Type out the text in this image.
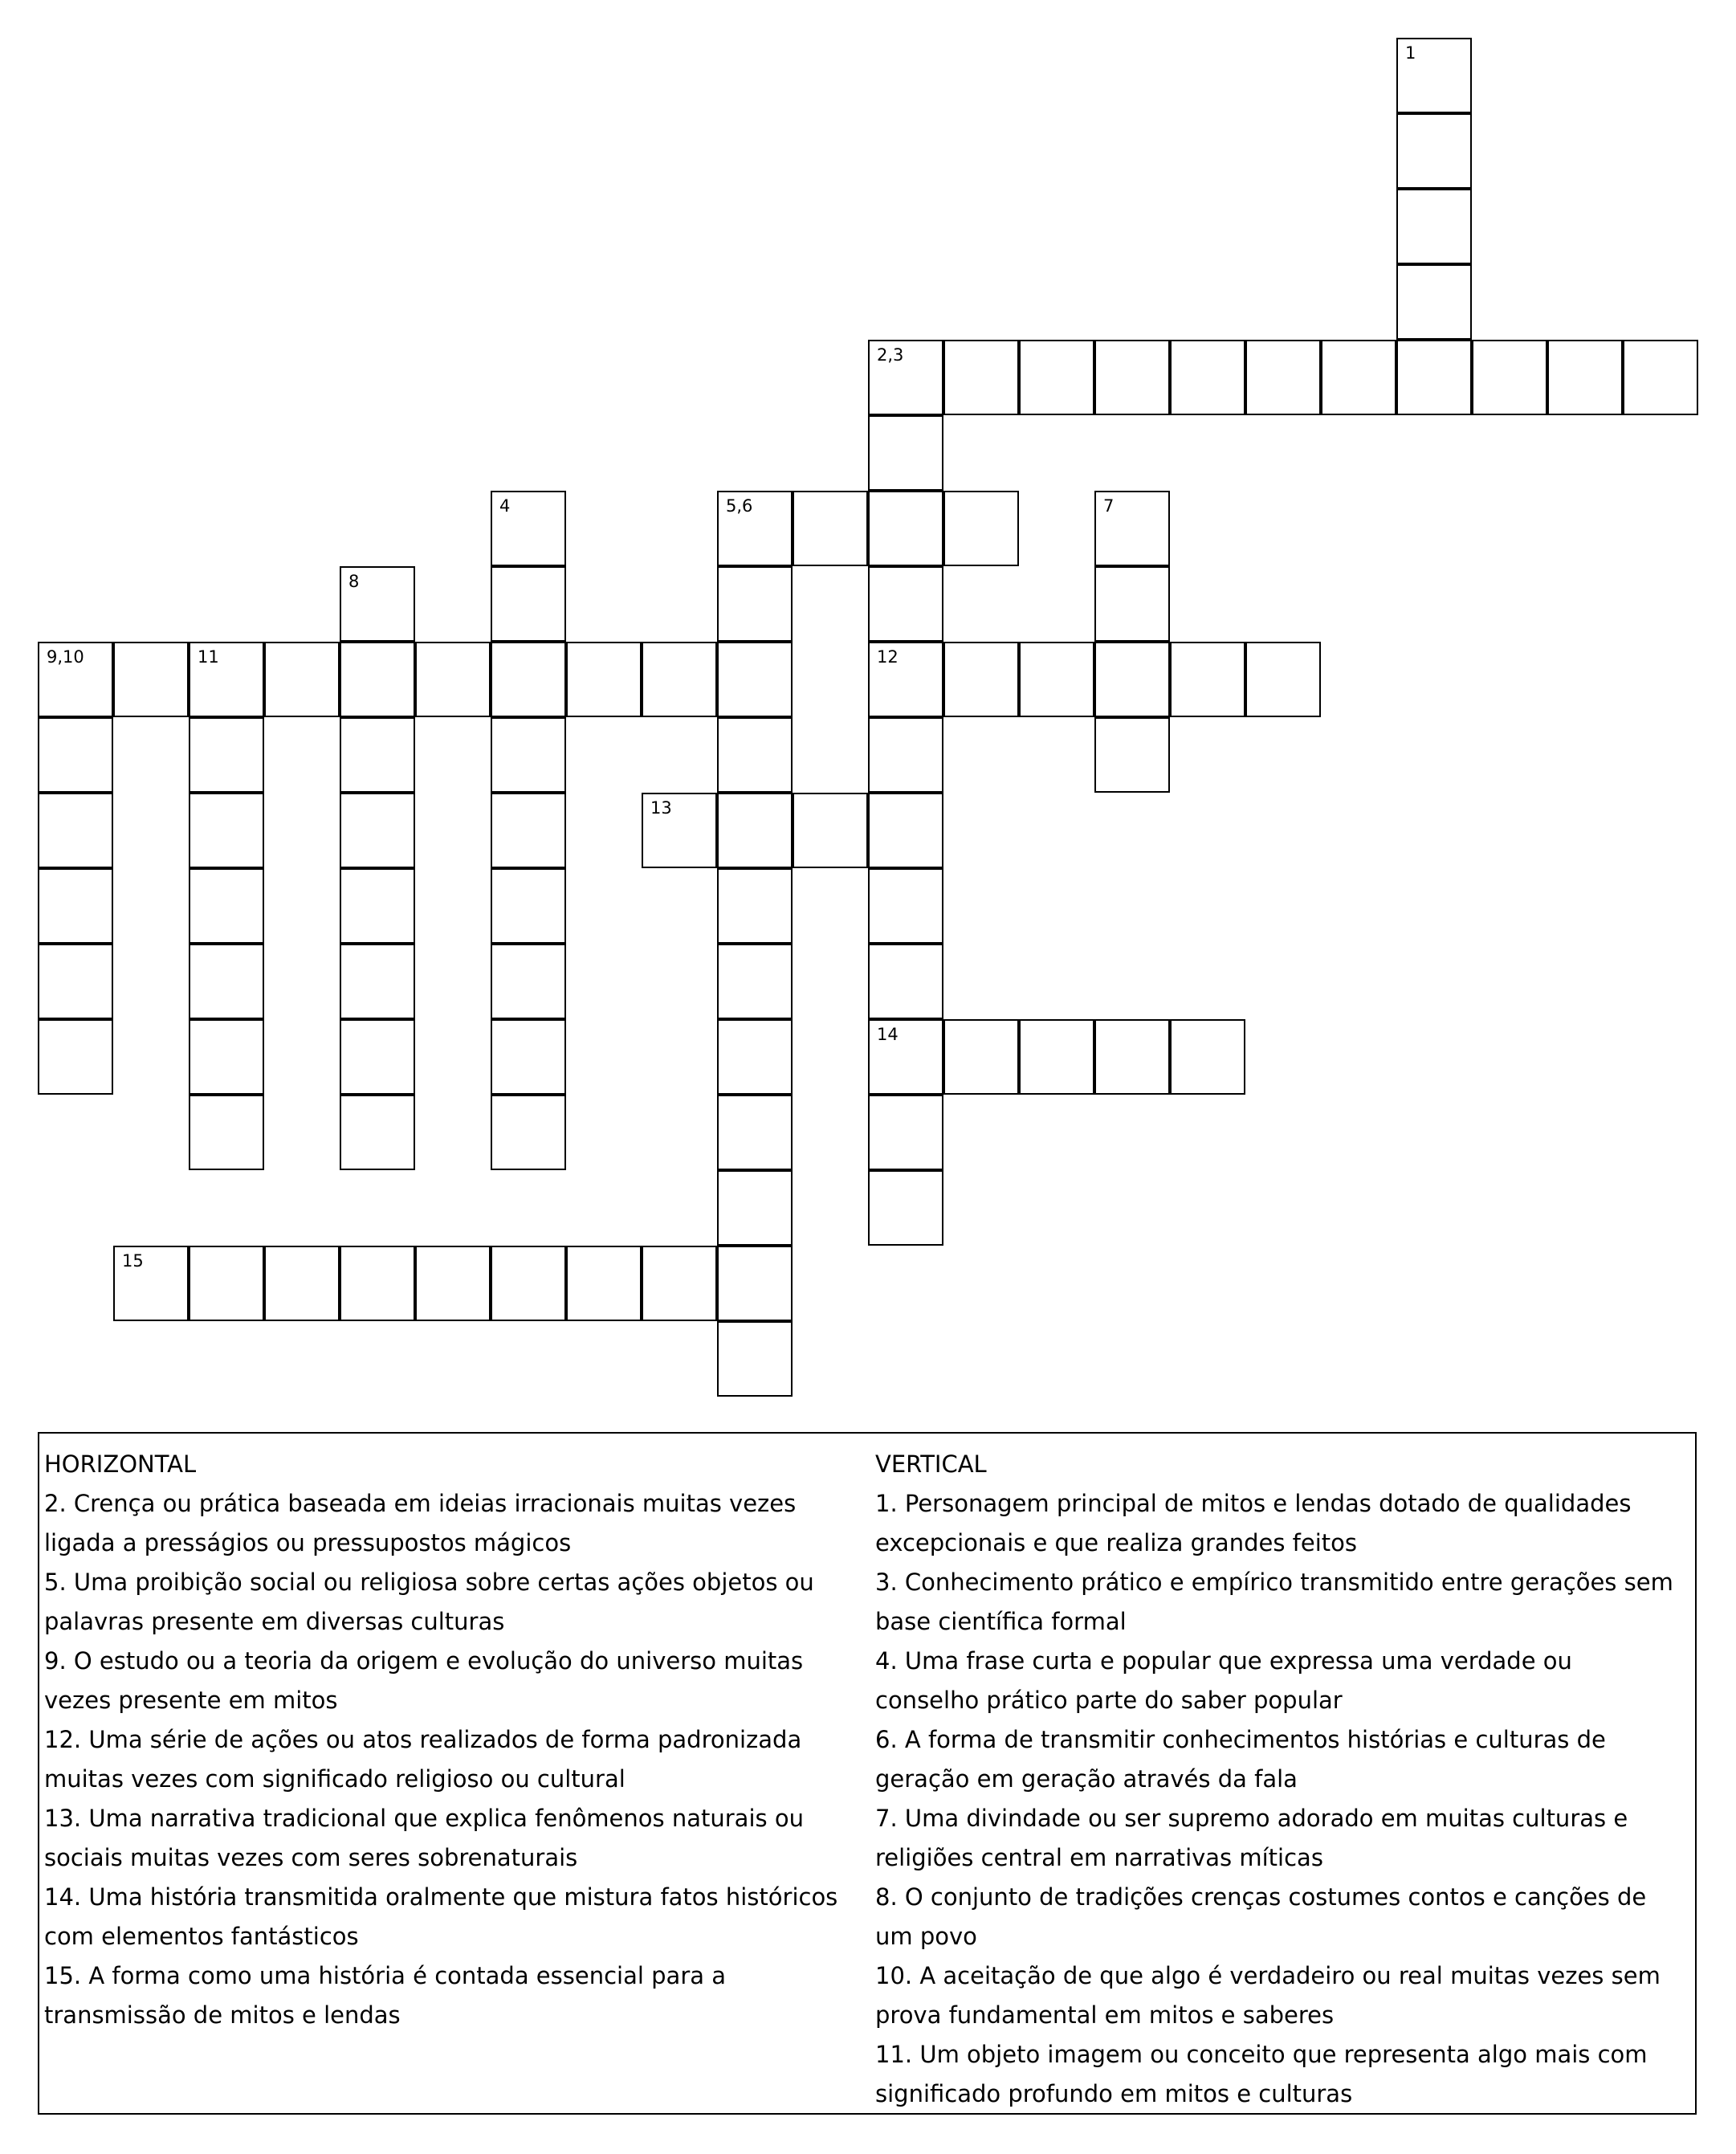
1
2,3
4	5,6	7
8
9,10	11	12
13
14
15
HORIZONTAL
2. Crença ou prática baseada em ideias irracionais muitas vezes ligada a presságios ou pressupostos mágicos
5. Uma proibição social ou religiosa sobre certas ações objetos ou palavras presente em diversas culturas
9. O estudo ou a teoria da origem e evolução do universo muitas vezes presente em mitos
12. Uma série de ações ou atos realizados de forma padronizada muitas vezes com significado religioso ou cultural
13. Uma narrativa tradicional que explica fenômenos naturais ou sociais muitas vezes com seres sobrenaturais
14. Uma história transmitida oralmente que mistura fatos históricos com elementos fantásticos
15. A forma como uma história é contada essencial para a transmissão de mitos e lendas
VERTICAL
1. Personagem principal de mitos e lendas dotado de qualidades excepcionais e que realiza grandes feitos
3. Conhecimento prático e empírico transmitido entre gerações sem base científica formal
4. Uma frase curta e popular que expressa uma verdade ou conselho prático parte do saber popular
6. A forma de transmitir conhecimentos histórias e culturas de geração em geração através da fala
7. Uma divindade ou ser supremo adorado em muitas culturas e religiões central em narrativas míticas
8. O conjunto de tradições crenças costumes contos e canções de um povo
10. A aceitação de que algo é verdadeiro ou real muitas vezes sem prova fundamental em mitos e saberes
11. Um objeto imagem ou conceito que representa algo mais com significado profundo em mitos e culturas
